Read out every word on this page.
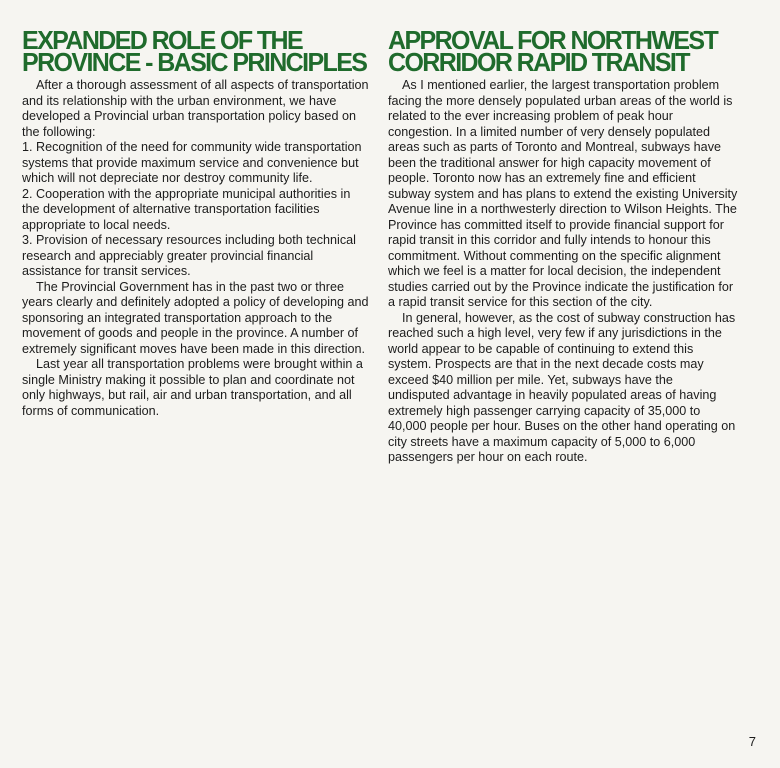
EXPANDED ROLE OF THE
PROVINCE - BASIC PRINCIPLES

After a thorough assessment of all aspects of transportation and its relationship with the urban environment, we have developed a Provincial urban transportation policy based on the following:

1. Recognition of the need for community wide transportation systems that provide maximum service and convenience but which will not depreciate nor destroy community life.

2. Cooperation with the appropriate municipal authorities in the development of alternative transportation facilities appropriate to local needs.

3. Provision of necessary resources including both technical research and appreciably greater provincial financial assistance for transit services.

The Provincial Government has in the past two or three years clearly and definitely adopted a policy of developing and sponsoring an integrated transportation approach to the movement of goods and people in the province. A number of extremely significant moves have been made in this direction.

Last year all transportation problems were brought within a single Ministry making it possible to plan and coordinate not only highways, but rail, air and urban transportation, and all forms of communication.

APPROVAL FOR NORTHWEST
CORRIDOR RAPID TRANSIT

As I mentioned earlier, the largest transportation problem facing the more densely populated urban areas of the world is related to the ever increasing problem of peak hour congestion. In a limited number of very densely populated areas such as parts of Toronto and Montreal, subways have been the traditional answer for high capacity movement of people. Toronto now has an extremely fine and efficient subway system and has plans to extend the existing University Avenue line in a northwesterly direction to Wilson Heights. The Province has committed itself to provide financial support for rapid transit in this corridor and fully intends to honour this commitment. Without commenting on the specific alignment which we feel is a matter for local decision, the independent studies carried out by the Province indicate the justification for a rapid transit service for this section of the city.

In general, however, as the cost of subway construction has reached such a high level, very few if any jurisdictions in the world appear to be capable of continuing to extend this system. Prospects are that in the next decade costs may exceed $40 million per mile. Yet, subways have the undisputed advantage in heavily populated areas of having extremely high passenger carrying capacity of 35,000 to 40,000 people per hour. Buses on the other hand operating on city streets have a maximum capacity of 5,000 to 6,000 passengers per hour on each route.

7
